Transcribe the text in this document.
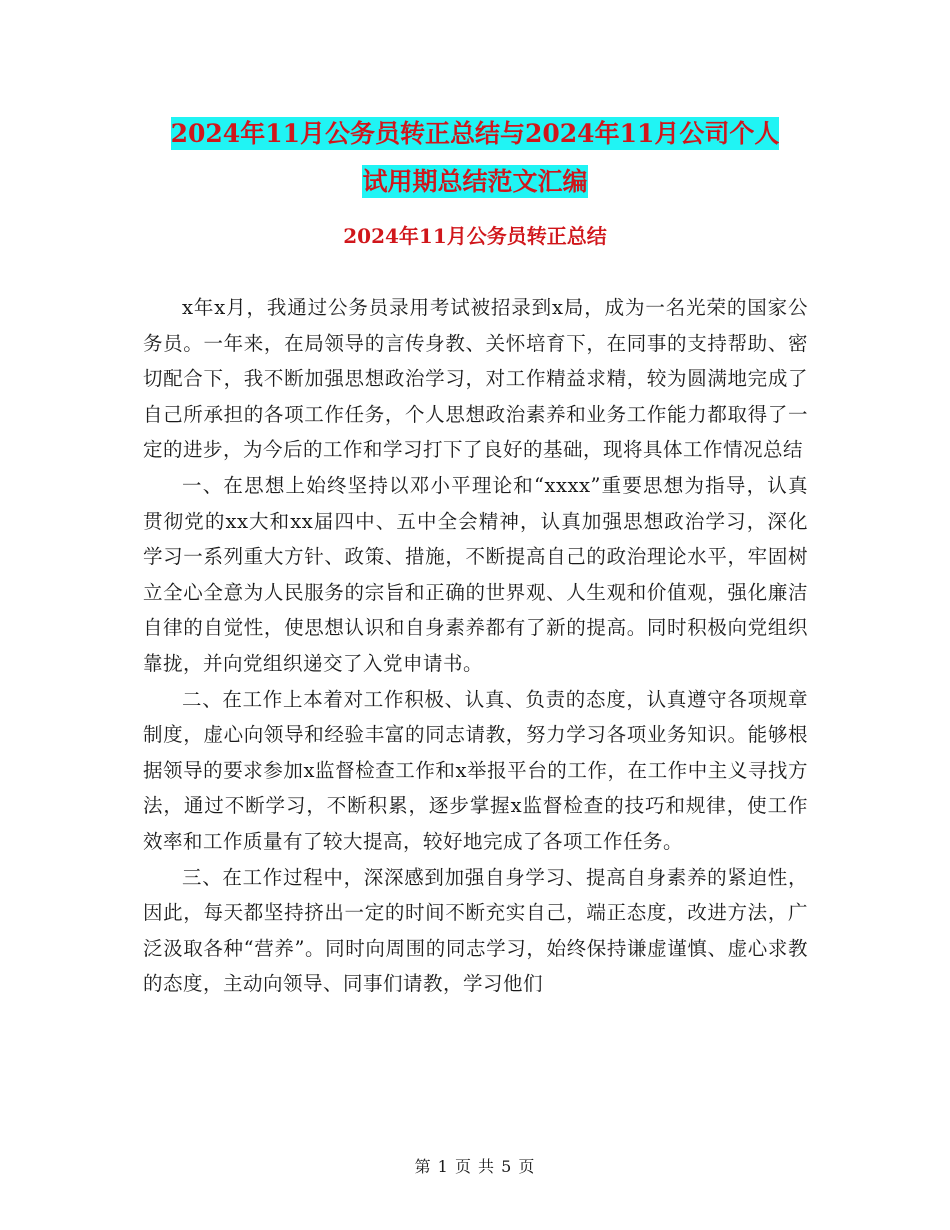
2024年11月公务员转正总结与2024年11月公司个人
试用期总结范文汇编
2024年11月公务员转正总结

x年x月，我通过公务员录用考试被招录到x局，成为一名光荣的国家公务员。一年来，在局领导的言传身教、关怀培育下，在同事的支持帮助、密切配合下，我不断加强思想政治学习，对工作精益求精，较为圆满地完成了自己所承担的各项工作任务，个人思想政治素养和业务工作能力都取得了一定的进步，为今后的工作和学习打下了良好的基础，现将具体工作情况总结

一、在思想上始终坚持以邓小平理论和“xxxx”重要思想为指导，认真贯彻党的xx大和xx届四中、五中全会精神，认真加强思想政治学习，深化学习一系列重大方针、政策、措施，不断提高自己的政治理论水平，牢固树立全心全意为人民服务的宗旨和正确的世界观、人生观和价值观，强化廉洁自律的自觉性，使思想认识和自身素养都有了新的提高。同时积极向党组织靠拢，并向党组织递交了入党申请书。

二、在工作上本着对工作积极、认真、负责的态度，认真遵守各项规章制度，虚心向领导和经验丰富的同志请教，努力学习各项业务知识。能够根据领导的要求参加x监督检查工作和x举报平台的工作，在工作中主义寻找方法，通过不断学习，不断积累，逐步掌握x监督检查的技巧和规律，使工作效率和工作质量有了较大提高，较好地完成了各项工作任务。

三、在工作过程中，深深感到加强自身学习、提高自身素养的紧迫性，因此，每天都坚持挤出一定的时间不断充实自己，端正态度，改进方法，广泛汲取各种“营养”。同时向周围的同志学习，始终保持谦虚谨慎、虚心求教的态度，主动向领导、同事们请教，学习他们

第 1 页 共 5 页
